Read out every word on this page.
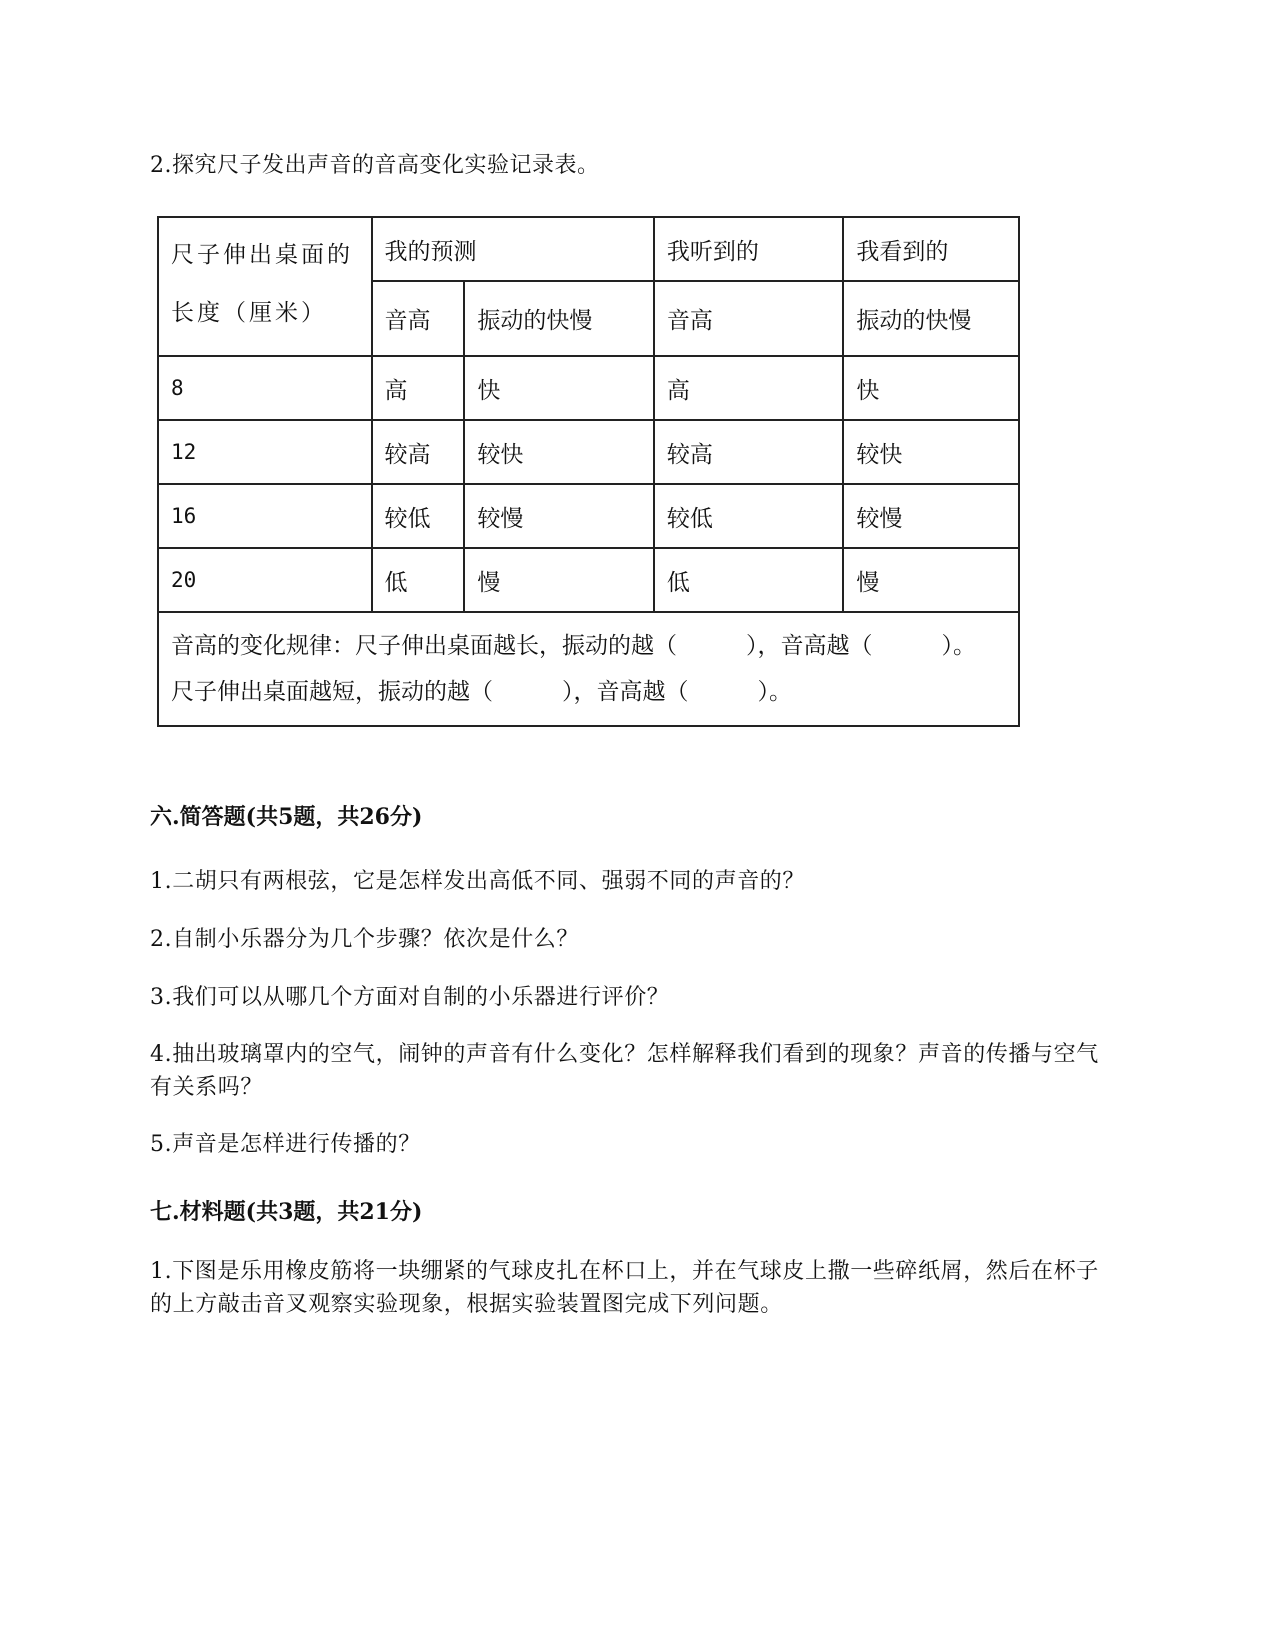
2.探究尺子发出声音的音高变化实验记录表。
尺子伸出桌面的长度（厘米）	我的预测		我听到的	我看到的
	音高	振动的快慢	音高	振动的快慢
8	高	快	高	快
12	较高	较快	较高	较快
16	较低	较慢	较低	较慢
20	低	慢	低	慢

音高的变化规律：尺子伸出桌面越长，振动的越（　　　），音高越（　　　）。
尺子伸出桌面越短，振动的越（　　　），音高越（　　　）。				
六.简答题(共5题，共26分)
1.二胡只有两根弦，它是怎样发出高低不同、强弱不同的声音的？
2.自制小乐器分为几个步骤？依次是什么？
3.我们可以从哪几个方面对自制的小乐器进行评价？
4.抽出玻璃罩内的空气，闹钟的声音有什么变化？怎样解释我们看到的现象？声音的传播与空气有关系吗？
5.声音是怎样进行传播的？
七.材料题(共3题，共21分)
1.下图是乐用橡皮筋将一块绷紧的气球皮扎在杯口上，并在气球皮上撒一些碎纸屑，然后在杯子的上方敲击音叉观察实验现象，根据实验装置图完成下列问题。
